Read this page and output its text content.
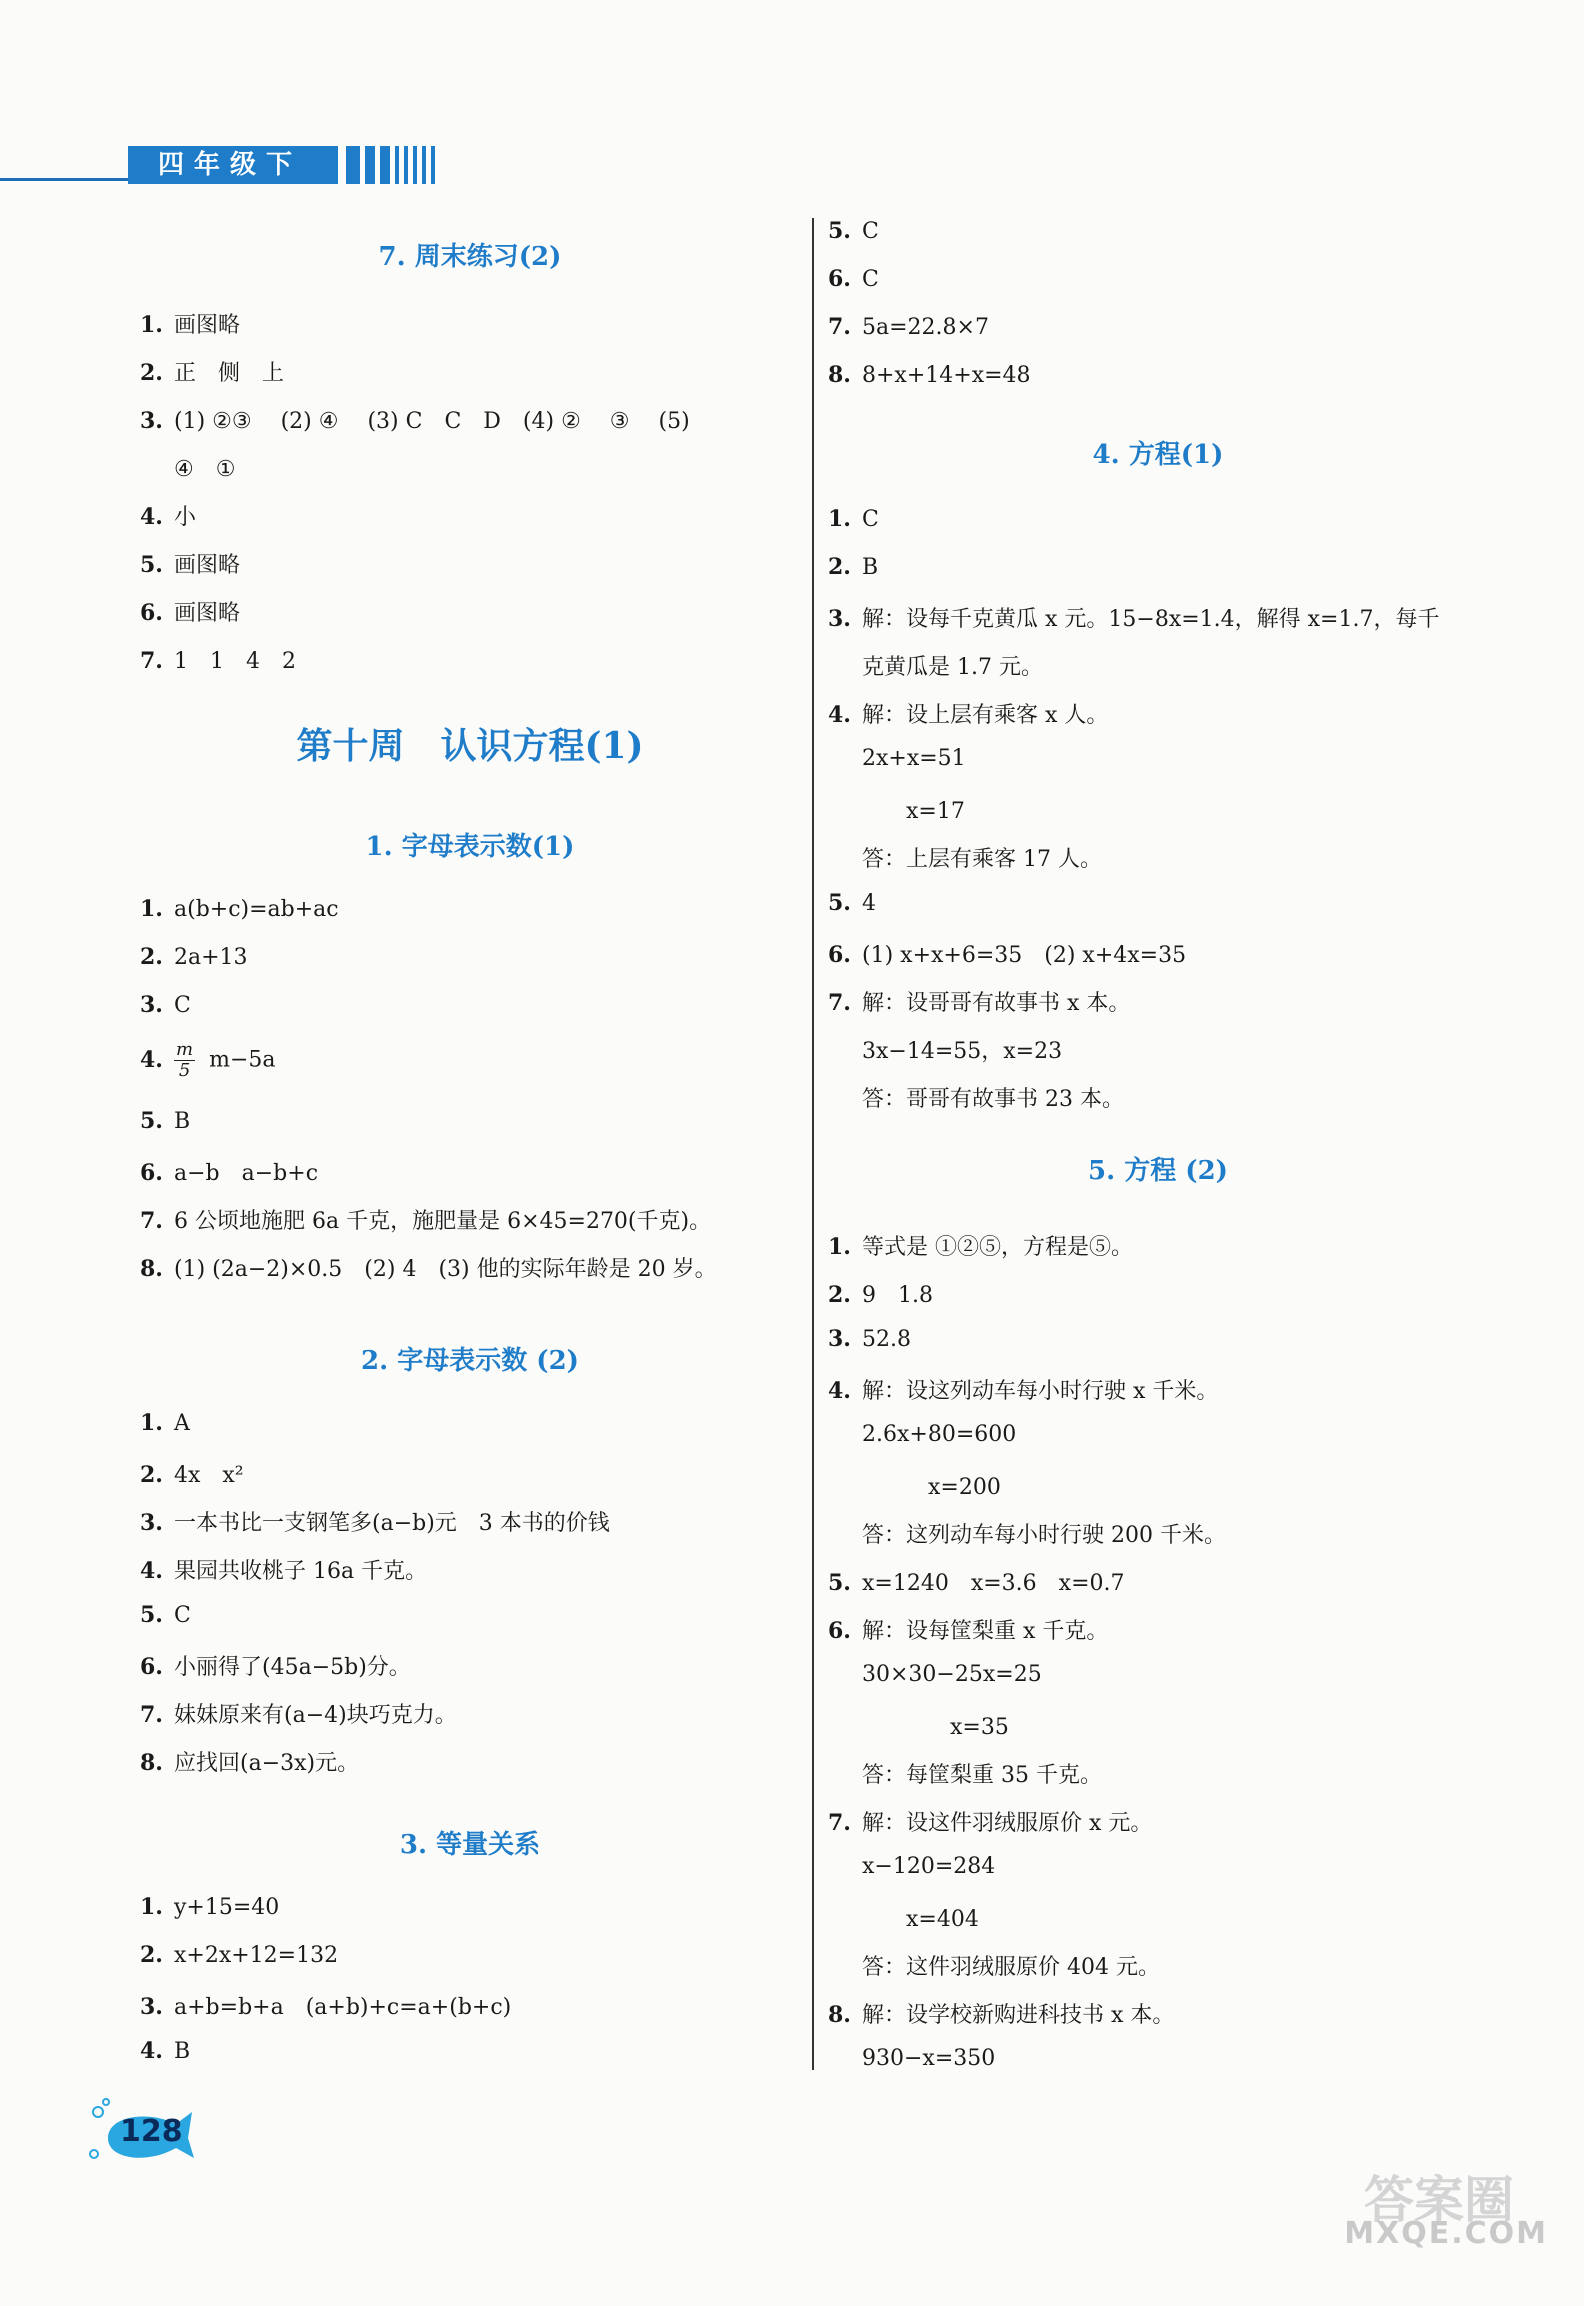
四年级下
7. 周末练习(2)
1. 画图略
2. 正　侧　上
3. (1) ②③　 (2) ④　 (3) C　C　D　(4) ②　 ③　 (5)
④　①
4. 小
5. 画图略
6. 画图略
7. 1　1　4　2
第十周　认识方程(1)
1. 字母表示数(1)
1. a(b+c)=ab+ac
2. 2a+13
3. C
4. $\frac{m}{5} m-5a$
5. B
6. a−b　a−b+c
7. 6 公顷地施肥 6a 千克，施肥量是 6×45=270(千克)。
8. (1) (2a−2)×0.5　(2) 4　(3) 他的实际年龄是 20 岁。
2. 字母表示数 (2)
1. A
2. 4x　x²
3. 一本书比一支钢笔多(a−b)元　3 本书的价钱
4. 果园共收桃子 16a 千克。
5. C
6. 小丽得了(45a−5b)分。
7. 妹妹原来有(a−4)块巧克力。
8. 应找回(a−3x)元。
3. 等量关系
1. y+15=40
2. x+2x+12=132
3. a+b=b+a　(a+b)+c=a+(b+c)
4. B
5. C
6. C
7. 5a=22.8×7
8. 8+x+14+x=48
4. 方程(1)
1. C
2. B
3. 解：设每千克黄瓜 x 元。15−8x=1.4，解得 x=1.7，每千
克黄瓜是 1.7 元。
4. 解：设上层有乘客 x 人。
2x+x=51
　　x=17
答：上层有乘客 17 人。
5. 4
6. (1) x+x+6=35　(2) x+4x=35
7. 解：设哥哥有故事书 x 本。
3x−14=55，x=23
答：哥哥有故事书 23 本。
5. 方程 (2)
1. 等式是 ①②⑤，方程是⑤。
2. 9　1.8
3. 52.8
4. 解：设这列动车每小时行驶 x 千米。
2.6x+80=600
　　　x=200
答：这列动车每小时行驶 200 千米。
5. x=1240　x=3.6　x=0.7
6. 解：设每筐梨重 x 千克。
30×30−25x=25
　　　　x=35
答：每筐梨重 35 千克。
7. 解：设这件羽绒服原价 x 元。
x−120=284
　　x=404
答：这件羽绒服原价 404 元。
8. 解：设学校新购进科技书 x 本。
930−x=350
128
答案圈
MXQE.COM
